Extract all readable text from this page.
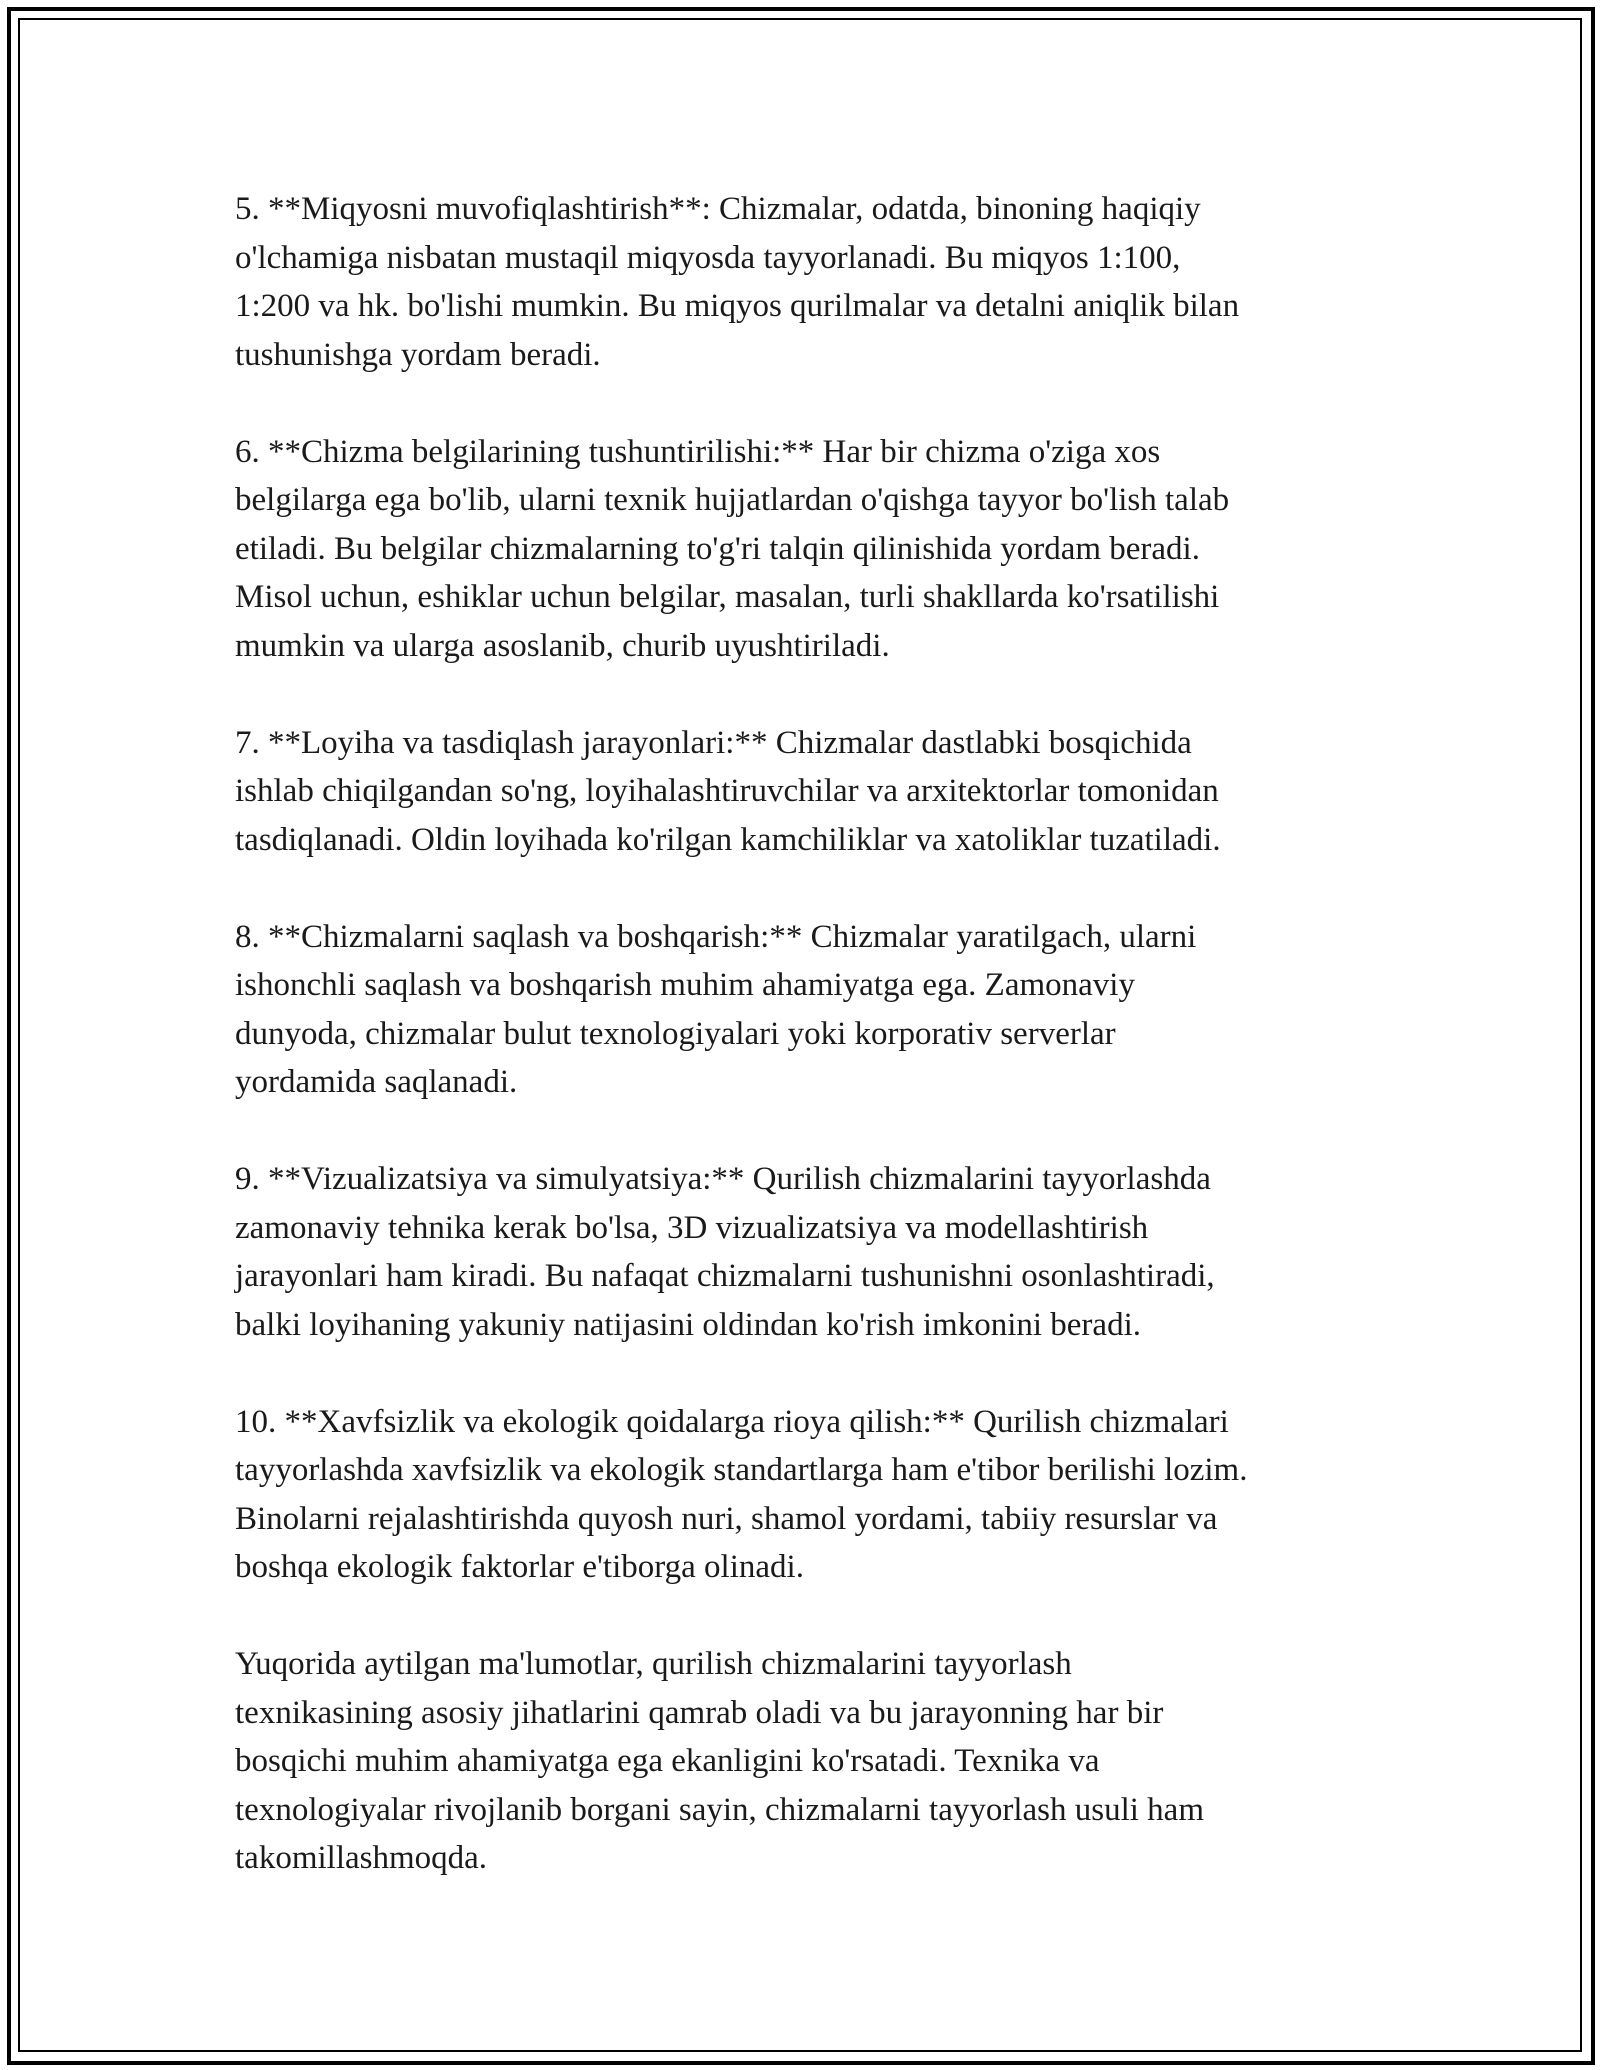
5. **Miqyosni muvofiqlashtirish**: Chizmalar, odatda, binoning haqiqiy
o'lchamiga nisbatan mustaqil miqyosda tayyorlanadi. Bu miqyos 1:100,
1:200 va hk. bo'lishi mumkin. Bu miqyos qurilmalar va detalni aniqlik bilan
tushunishga yordam beradi.

6. **Chizma belgilarining tushuntirilishi:** Har bir chizma o'ziga xos
belgilarga ega bo'lib, ularni texnik hujjatlardan o'qishga tayyor bo'lish talab
etiladi. Bu belgilar chizmalarning to'g'ri talqin qilinishida yordam beradi.
Misol uchun, eshiklar uchun belgilar, masalan, turli shakllarda ko'rsatilishi
mumkin va ularga asoslanib, churib uyushtiriladi.

7. **Loyiha va tasdiqlash jarayonlari:** Chizmalar dastlabki bosqichida
ishlab chiqilgandan so'ng, loyihalashtiruvchilar va arxitektorlar tomonidan
tasdiqlanadi. Oldin loyihada ko'rilgan kamchiliklar va xatoliklar tuzatiladi.

8. **Chizmalarni saqlash va boshqarish:** Chizmalar yaratilgach, ularni
ishonchli saqlash va boshqarish muhim ahamiyatga ega. Zamonaviy
dunyoda, chizmalar bulut texnologiyalari yoki korporativ serverlar
yordamida saqlanadi.

9. **Vizualizatsiya va simulyatsiya:** Qurilish chizmalarini tayyorlashda
zamonaviy tehnika kerak bo'lsa, 3D vizualizatsiya va modellashtirish
jarayonlari ham kiradi. Bu nafaqat chizmalarni tushunishni osonlashtiradi,
balki loyihaning yakuniy natijasini oldindan ko'rish imkonini beradi.

10. **Xavfsizlik va ekologik qoidalarga rioya qilish:** Qurilish chizmalari
tayyorlashda xavfsizlik va ekologik standartlarga ham e'tibor berilishi lozim.
Binolarni rejalashtirishda quyosh nuri, shamol yordami, tabiiy resurslar va
boshqa ekologik faktorlar e'tiborga olinadi.

Yuqorida aytilgan ma'lumotlar, qurilish chizmalarini tayyorlash
texnikasining asosiy jihatlarini qamrab oladi va bu jarayonning har bir
bosqichi muhim ahamiyatga ega ekanligini ko'rsatadi. Texnika va
texnologiyalar rivojlanib borgani sayin, chizmalarni tayyorlash usuli ham
takomillashmoqda.
